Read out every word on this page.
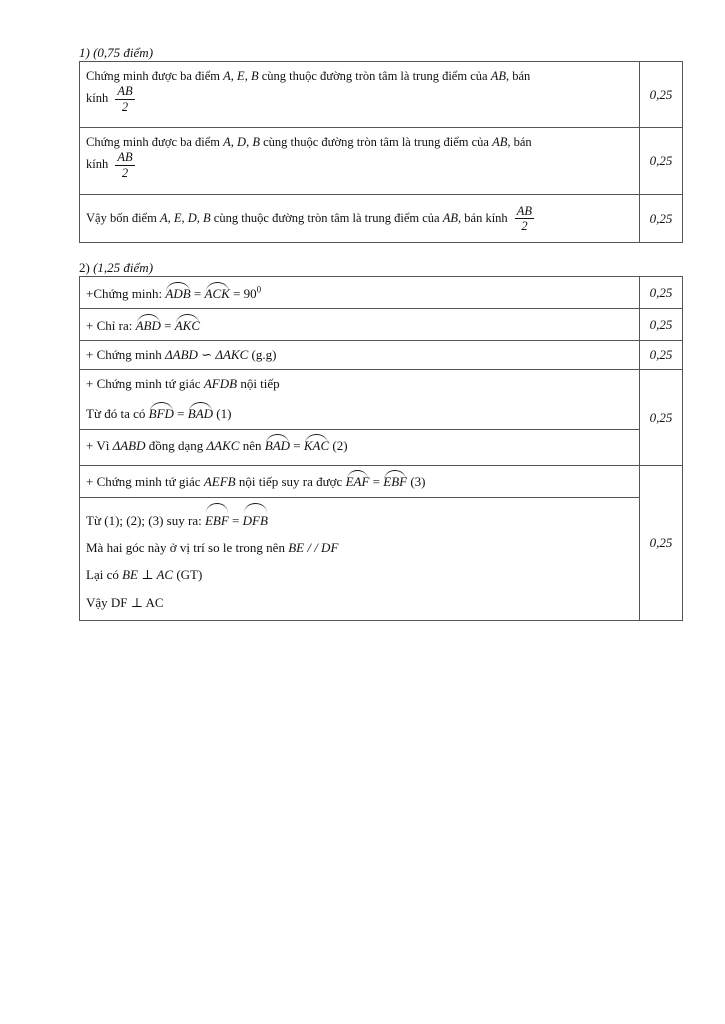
1) (0,75 điểm)
Chứng minh được ba điểm A, E, B cùng thuộc đường tròn tâm là trung điểm của AB, bán
kính $\frac{AB}{2}$	0,25

Chứng minh được ba điểm A, D, B cùng thuộc đường tròn tâm là trung điểm của AB, bán
kính $\frac{AB}{2}$	0,25

Vậy bốn điểm A, E, D, B cùng thuộc đường tròn tâm là trung điểm của AB, bán kính $\frac{AB}{2}$	0,25
2) (1,25 điểm)
+Chứng minh: ADB = ACK = $90^0$	0,25

+ Chỉ ra: ABD = AKC	0,25

+ Chứng minh ΔABD ∽ ΔAKC (g.g)	0,25

+ Chứng minh tứ giác AFDB nội tiếp
Từ đó ta có BFD = BAD (1)
+ Vì ΔABD đồng dạng ΔAKC nên BAD = KAC (2)	0,25

+ Chứng minh tứ giác AEFB nội tiếp suy ra được EAF = EBF (3)
Từ (1); (2); (3) suy ra: EBF = DFB
Mà hai góc này ở vị trí so le trong nên BE / / DF
Lại có BE ⊥ AC (GT)
Vậy DF ⊥ AC	0,25
